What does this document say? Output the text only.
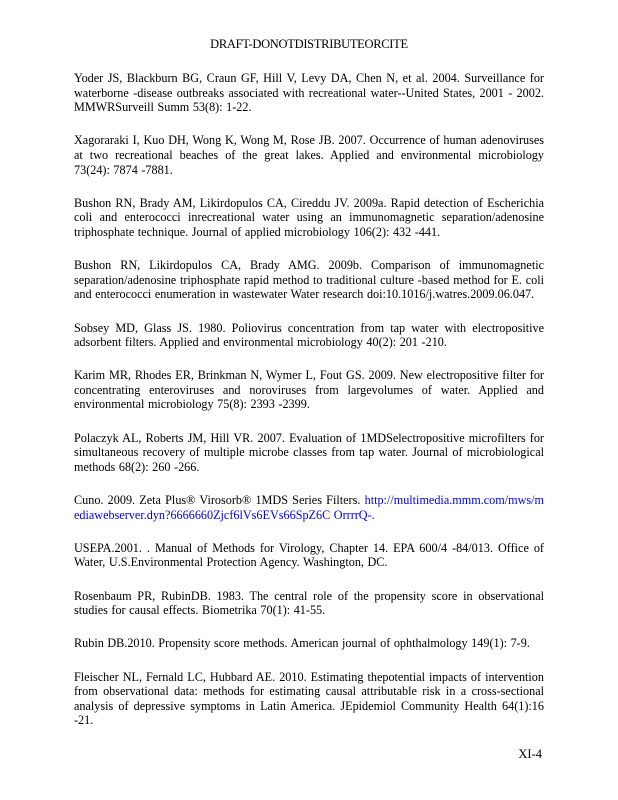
DRAFT-DONOTDISTRIBUTEORCITE

Yoder JS, Blackburn BG, Craun GF, Hill V, Levy DA, Chen N, et al. 2004. Surveillance for waterborne -disease outbreaks associated with recreational water--United States, 2001 - 2002. MMWRSurveill Summ 53(8): 1-22.

Xagoraraki I, Kuo DH, Wong K, Wong M, Rose JB. 2007. Occurrence of human adenoviruses at two recreational beaches of the great lakes. Applied and environmental microbiology 73(24): 7874 -7881.

Bushon RN, Brady AM, Likirdopulos CA, Cireddu JV. 2009a. Rapid detection of Escherichia coli and enterococci inrecreational water using an immunomagnetic separation/adenosine triphosphate technique. Journal of applied microbiology 106(2): 432 -441.

Bushon RN, Likirdopulos CA, Brady AMG. 2009b. Comparison of immunomagnetic separation/adenosine triphosphate rapid method to traditional culture -based method for E. coli and enterococci enumeration in wastewater Water research doi:10.1016/j.watres.2009.06.047.

Sobsey MD, Glass JS. 1980. Poliovirus concentration from tap water with electropositive adsorbent filters. Applied and environmental microbiology 40(2): 201 -210.

Karim MR, Rhodes ER, Brinkman N, Wymer L, Fout GS. 2009. New electropositive filter for concentrating enteroviruses and noroviruses from largevolumes of water. Applied and environmental microbiology 75(8): 2393 -2399.

Polaczyk AL, Roberts JM, Hill VR. 2007. Evaluation of 1MDSelectropositive microfilters for simultaneous recovery of multiple microbe classes from tap water. Journal of microbiological methods 68(2): 260 -266.

Cuno. 2009. Zeta Plus® Virosorb® 1MDS Series Filters. http://multimedia.mmm.com/mws/mediawebserver.dyn?6666660Zjcf6lVs6EVs66SpZ6C OrrrrQ-.

USEPA.2001. . Manual of Methods for Virology, Chapter 14. EPA 600/4 -84/013. Office of Water, U.S.Environmental Protection Agency. Washington, DC.

Rosenbaum PR, RubinDB. 1983. The central role of the propensity score in observational studies for causal effects. Biometrika 70(1): 41-55.

Rubin DB.2010. Propensity score methods. American journal of ophthalmology 149(1): 7-9.

Fleischer NL, Fernald LC, Hubbard AE. 2010. Estimating thepotential impacts of intervention from observational data: methods for estimating causal attributable risk in a cross-sectional analysis of depressive symptoms in Latin America. JEpidemiol Community Health 64(1):16 -21.

XI-4
